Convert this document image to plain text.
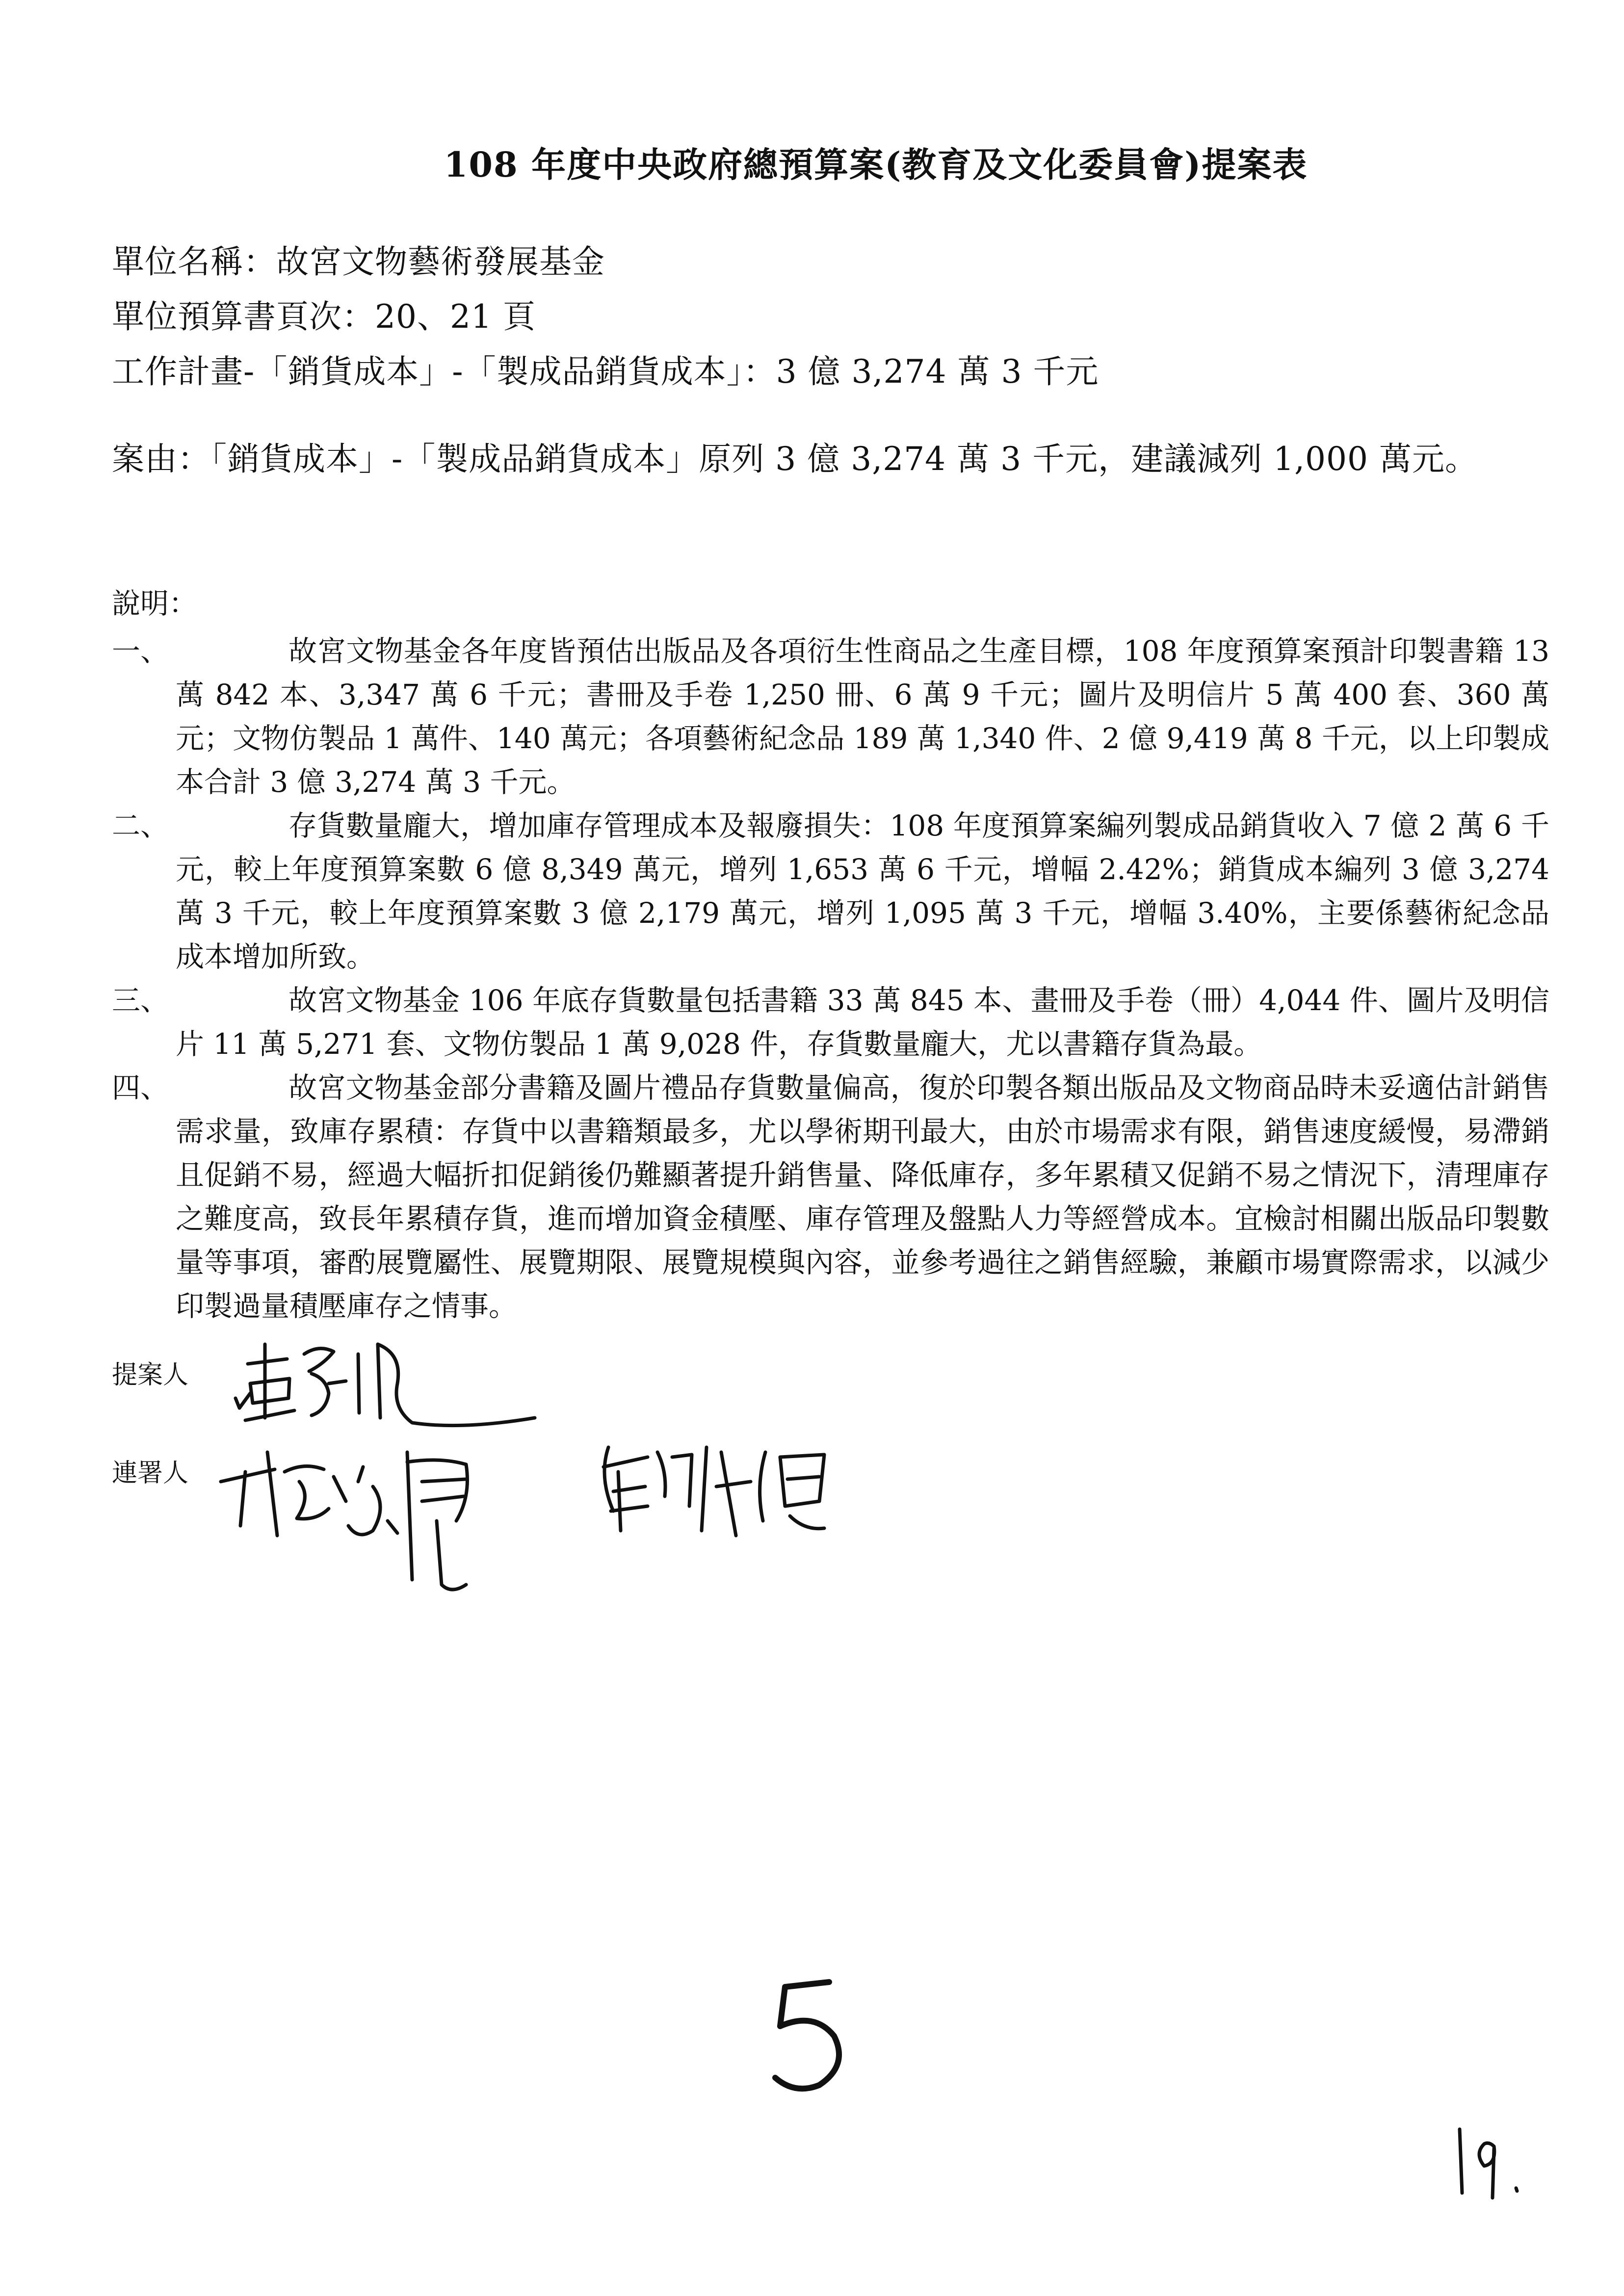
108 年度中央政府總預算案(教育及文化委員會)提案表
單位名稱：故宮文物藝術發展基金
單位預算書頁次：20、21 頁
工作計畫-「銷貨成本」-「製成品銷貨成本」：3 億 3,274 萬 3 千元
案由：「銷貨成本」-「製成品銷貨成本」原列 3 億 3,274 萬 3 千元，建議減列 1,000 萬元。
說明：
一、	故宮文物基金各年度皆預估出版品及各項衍生性商品之生產目標，108 年度預算案預計印製書籍 13 萬 842 本、3,347 萬 6 千元；書冊及手卷 1,250 冊、6 萬 9 千元；圖片及明信片 5 萬 400 套、360 萬元；文物仿製品 1 萬件、140 萬元；各項藝術紀念品 189 萬 1,340 件、2 億 9,419 萬 8 千元，以上印製成本合計 3 億 3,274 萬 3 千元。
二、	存貨數量龐大，增加庫存管理成本及報廢損失：108 年度預算案編列製成品銷貨收入 7 億 2 萬 6 千元，較上年度預算案數 6 億 8,349 萬元，增列 1,653 萬 6 千元，增幅 2.42%；銷貨成本編列 3 億 3,274 萬 3 千元，較上年度預算案數 3 億 2,179 萬元，增列 1,095 萬 3 千元，增幅 3.40%，主要係藝術紀念品成本增加所致。
三、	故宮文物基金 106 年底存貨數量包括書籍 33 萬 845 本、畫冊及手卷（冊）4,044 件、圖片及明信片 11 萬 5,271 套、文物仿製品 1 萬 9,028 件，存貨數量龐大，尤以書籍存貨為最。
四、	故宮文物基金部分書籍及圖片禮品存貨數量偏高，復於印製各類出版品及文物商品時未妥適估計銷售需求量，致庫存累積：存貨中以書籍類最多，尤以學術期刊最大，由於市場需求有限，銷售速度緩慢，易滯銷且促銷不易，經過大幅折扣促銷後仍難顯著提升銷售量、降低庫存，多年累積又促銷不易之情況下，清理庫存之難度高，致長年累積存貨，進而增加資金積壓、庫存管理及盤點人力等經營成本。宜檢討相關出版品印製數量等事項，審酌展覽屬性、展覽期限、展覽規模與內容，並參考過往之銷售經驗，兼顧市場實際需求，以減少印製過量積壓庫存之情事。
提案人
連署人
